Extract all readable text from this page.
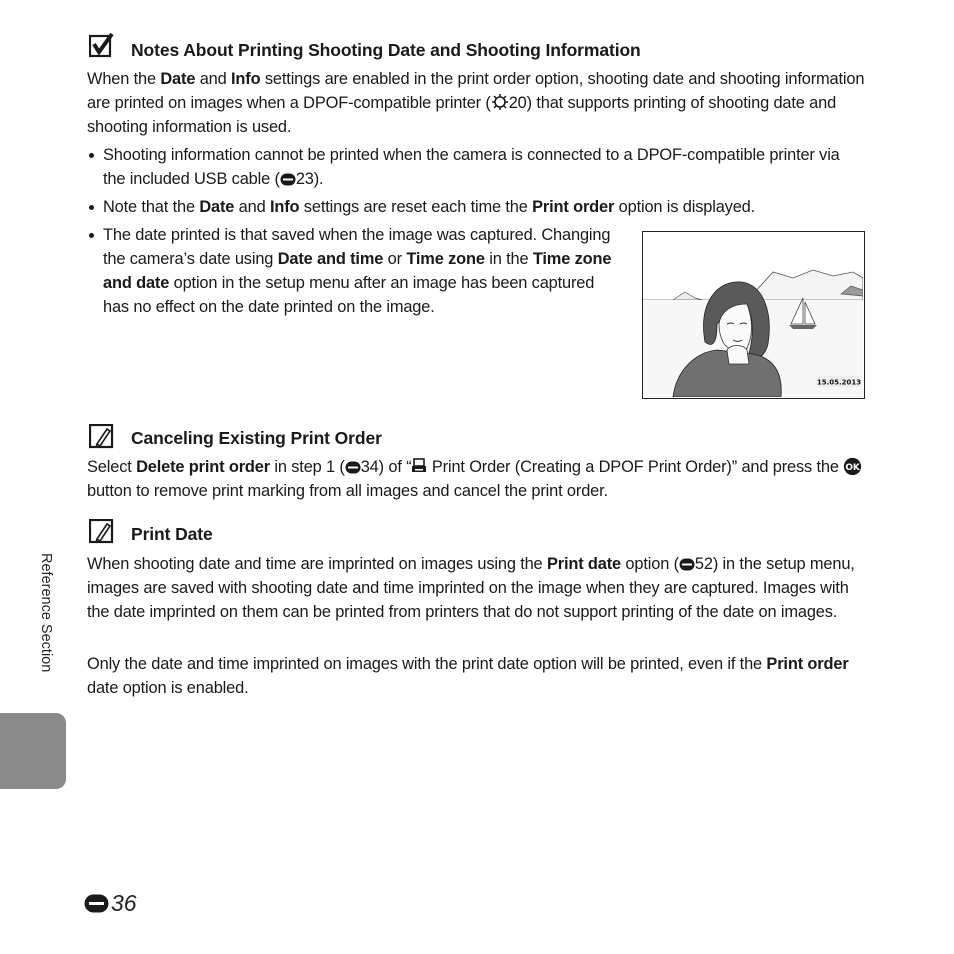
Notes About Printing Shooting Date and Shooting Information
When the Date and Info settings are enabled in the print order option, shooting date and shooting information are printed on images when a DPOF-compatible printer ( 20) that supports printing of shooting date and shooting information is used.
Shooting information cannot be printed when the camera is connected to a DPOF-compatible printer via the included USB cable ( 23).
Note that the Date and Info settings are reset each time the Print order option is displayed.
The date printed is that saved when the image was captured. Changing the camera’s date using Date and time or Time zone in the Time zone and date option in the setup menu after an image has been captured has no effect on the date printed on the image.
15.05.2013
Canceling Existing Print Order
Select Delete print order in step 1 ( 34) of “ Print Order (Creating a DPOF Print Order)” and press the OK
button to remove print marking from all images and cancel the print order.
Print Date
When shooting date and time are imprinted on images using the Print date option ( 52) in the setup menu, images are saved with shooting date and time imprinted on the image when they are captured. Images with the date imprinted on them can be printed from printers that do not support printing of the date on images.
Only the date and time imprinted on images with the print date option will be printed, even if the Print order date option is enabled.
Reference Section
36
